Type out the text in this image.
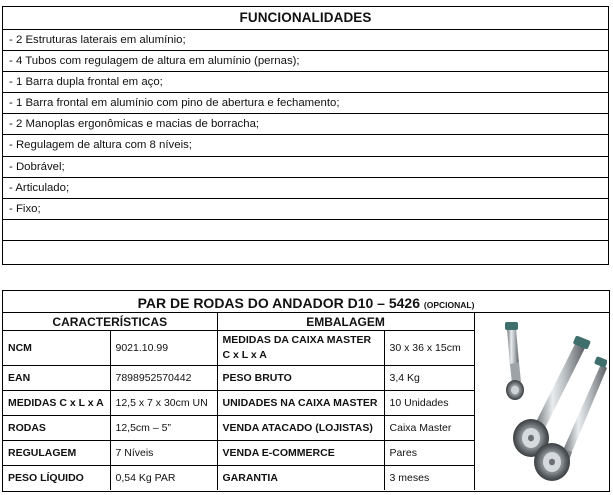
FUNCIONALIDADES
- 2 Estruturas laterais em alumínio;
- 4 Tubos com regulagem de altura em alumínio (pernas);
- 1 Barra dupla frontal em aço;
- 1 Barra frontal em alumínio com pino de abertura e fechamento;
- 2 Manoplas ergonômicas e macias de borracha;
- Regulagem de altura com 8 níveis;
- Dobrável;
- Articulado;
- Fixo;
PAR DE RODAS DO ANDADOR D10 – 5426 (OPCIONAL)
CARACTERÍSTICAS		EMBALAGEM	
NCM	9021.10.99	MEDIDAS DA CAIXA MASTER C x L x A	30 x 36 x 15cm
EAN	7898952570442	PESO BRUTO	3,4 Kg
MEDIDAS C x L x A	12,5 x 7 x 30cm UN	UNIDADES NA CAIXA MASTER	10 Unidades
RODAS	12,5cm – 5”	VENDA ATACADO (LOJISTAS)	Caixa Master
REGULAGEM	7 Níveis	VENDA E-COMMERCE	Pares
PESO LÍQUIDO	0,54 Kg PAR	GARANTIA	3 meses
